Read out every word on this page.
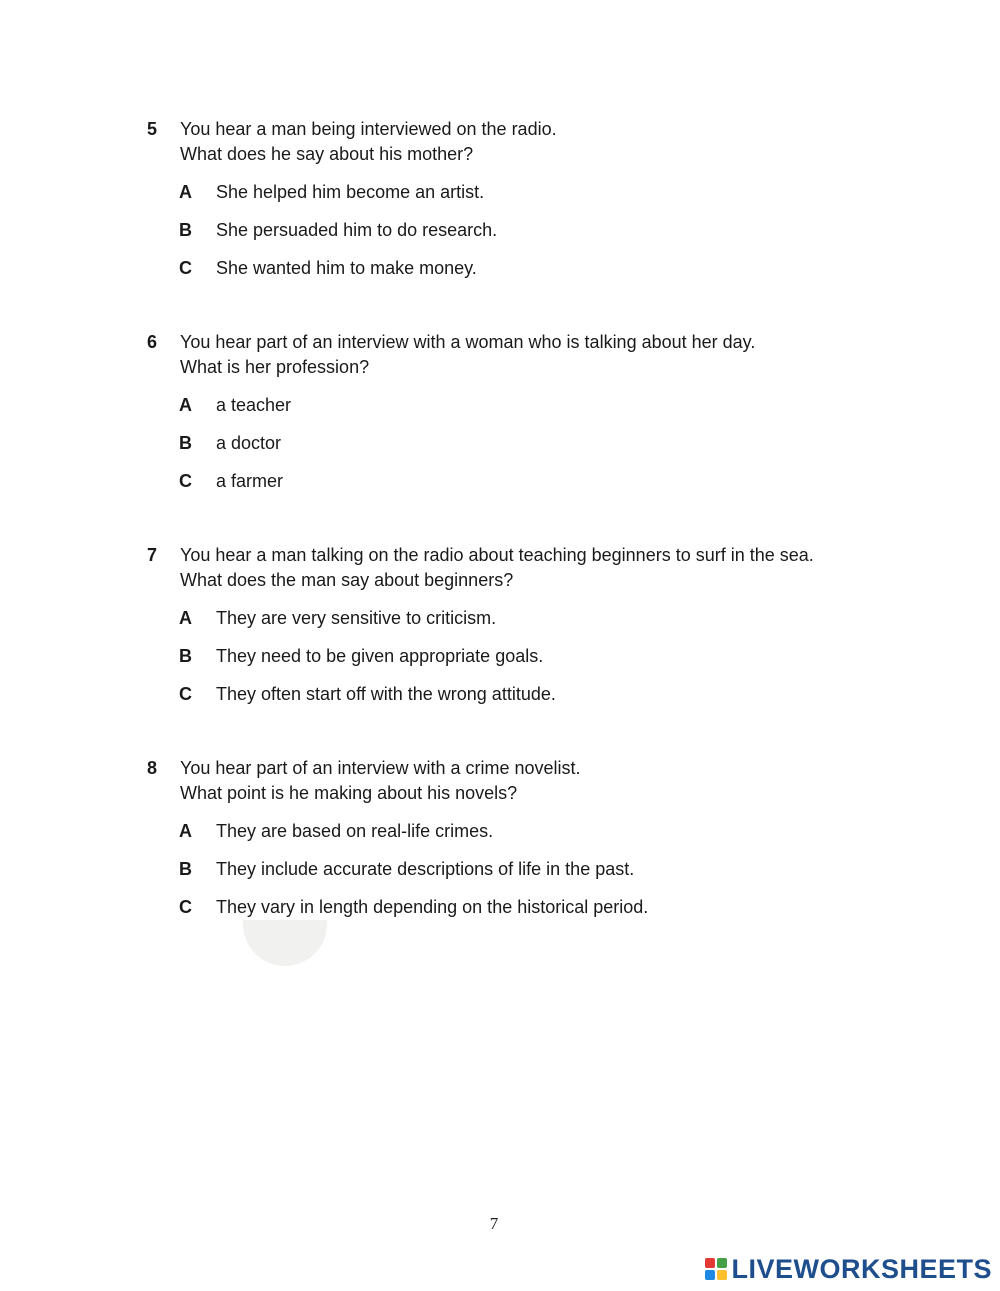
5 You hear a man being interviewed on the radio.
What does he say about his mother?
A She helped him become an artist.
B She persuaded him to do research.
C She wanted him to make money.
6 You hear part of an interview with a woman who is talking about her day.
What is her profession?
A a teacher
B a doctor
C a farmer
7 You hear a man talking on the radio about teaching beginners to surf in the sea.
What does the man say about beginners?
A They are very sensitive to criticism.
B They need to be given appropriate goals.
C They often start off with the wrong attitude.
8 You hear part of an interview with a crime novelist.
What point is he making about his novels?
A They are based on real-life crimes.
B They include accurate descriptions of life in the past.
C They vary in length depending on the historical period.
7
LIVEWORKSHEETS
